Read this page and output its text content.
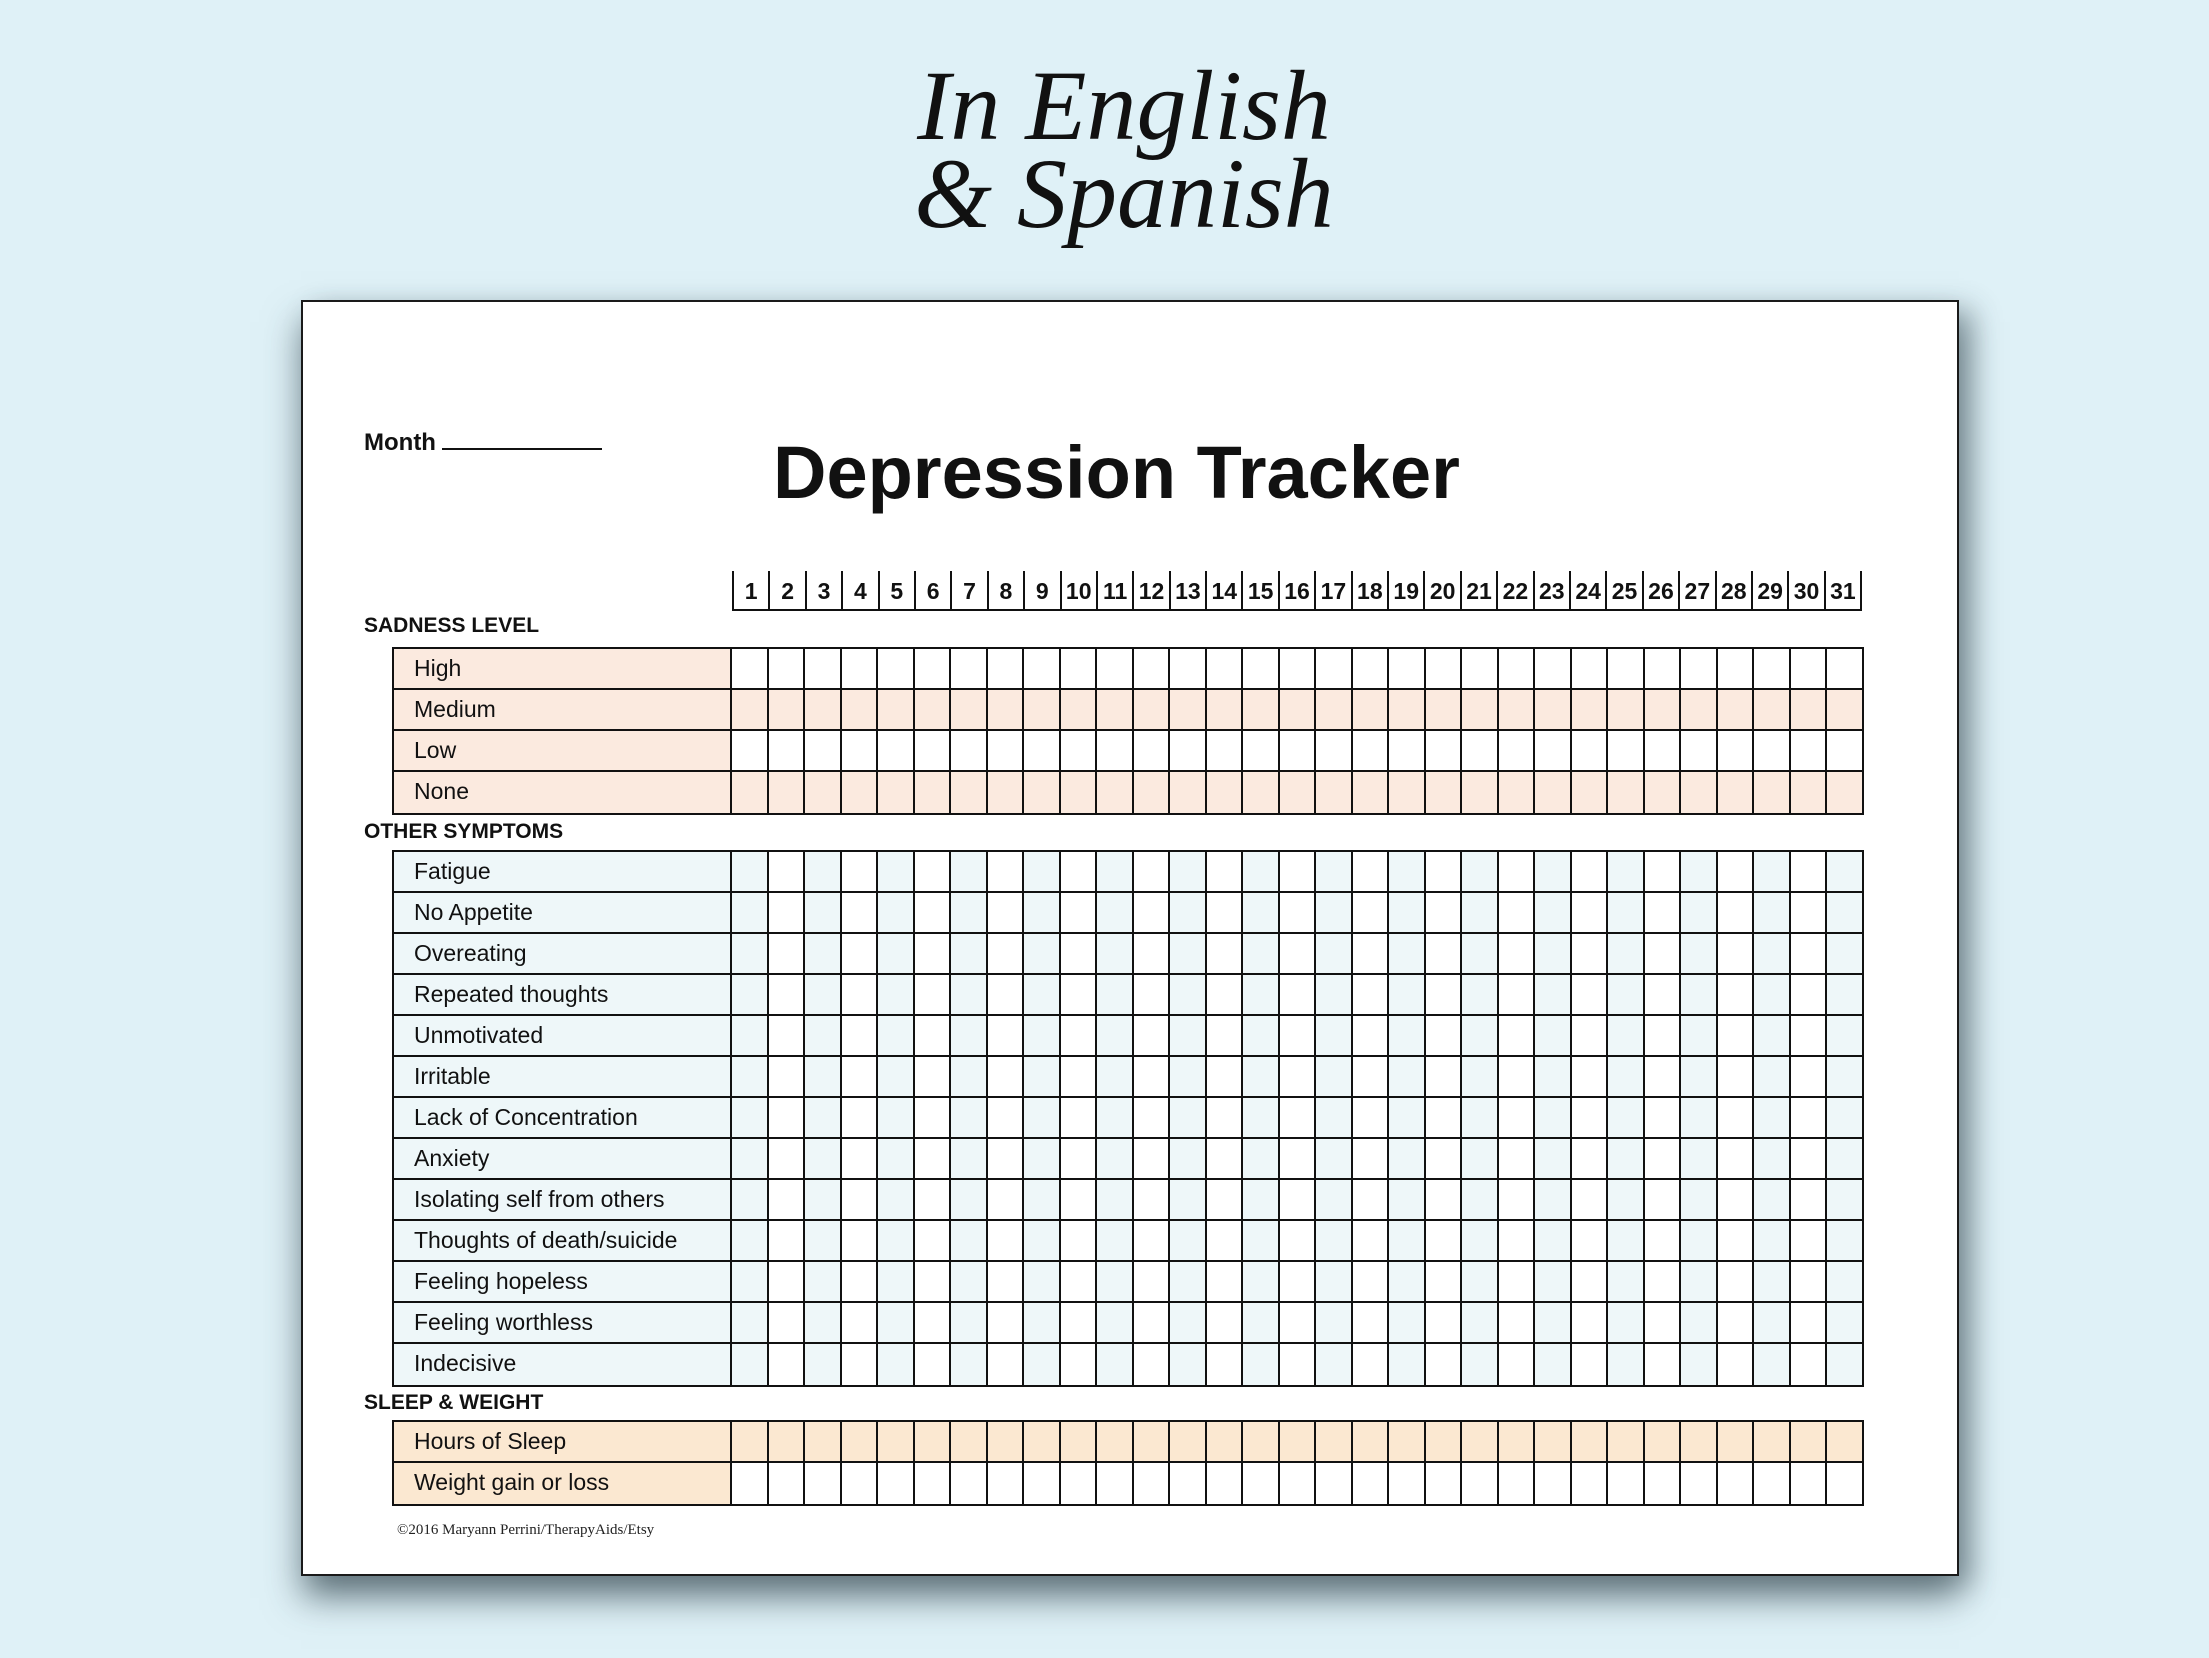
In English
& Spanish
Month	Depression Tracker
1	2	3	4	5	6	7	8	9 10 11 12 13 14 15 16 17 18 19 20 21 22 23 24 25 26 27 28 29 30 31
SADNESS LEVEL
High
Medium
Low
None
OTHER SYMPTOMS
Fatigue
No Appetite
Overeating
Repeated thoughts
Unmotivated
Irritable
Lack of Concentration
Anxiety
Isolating self from others
Thoughts of death/suicide
Feeling hopeless
Feeling worthless
Indecisive
SLEEP & WEIGHT
Hours of Sleep
Weight gain or loss
©2016 Maryann Perrini/TherapyAids/Etsy
